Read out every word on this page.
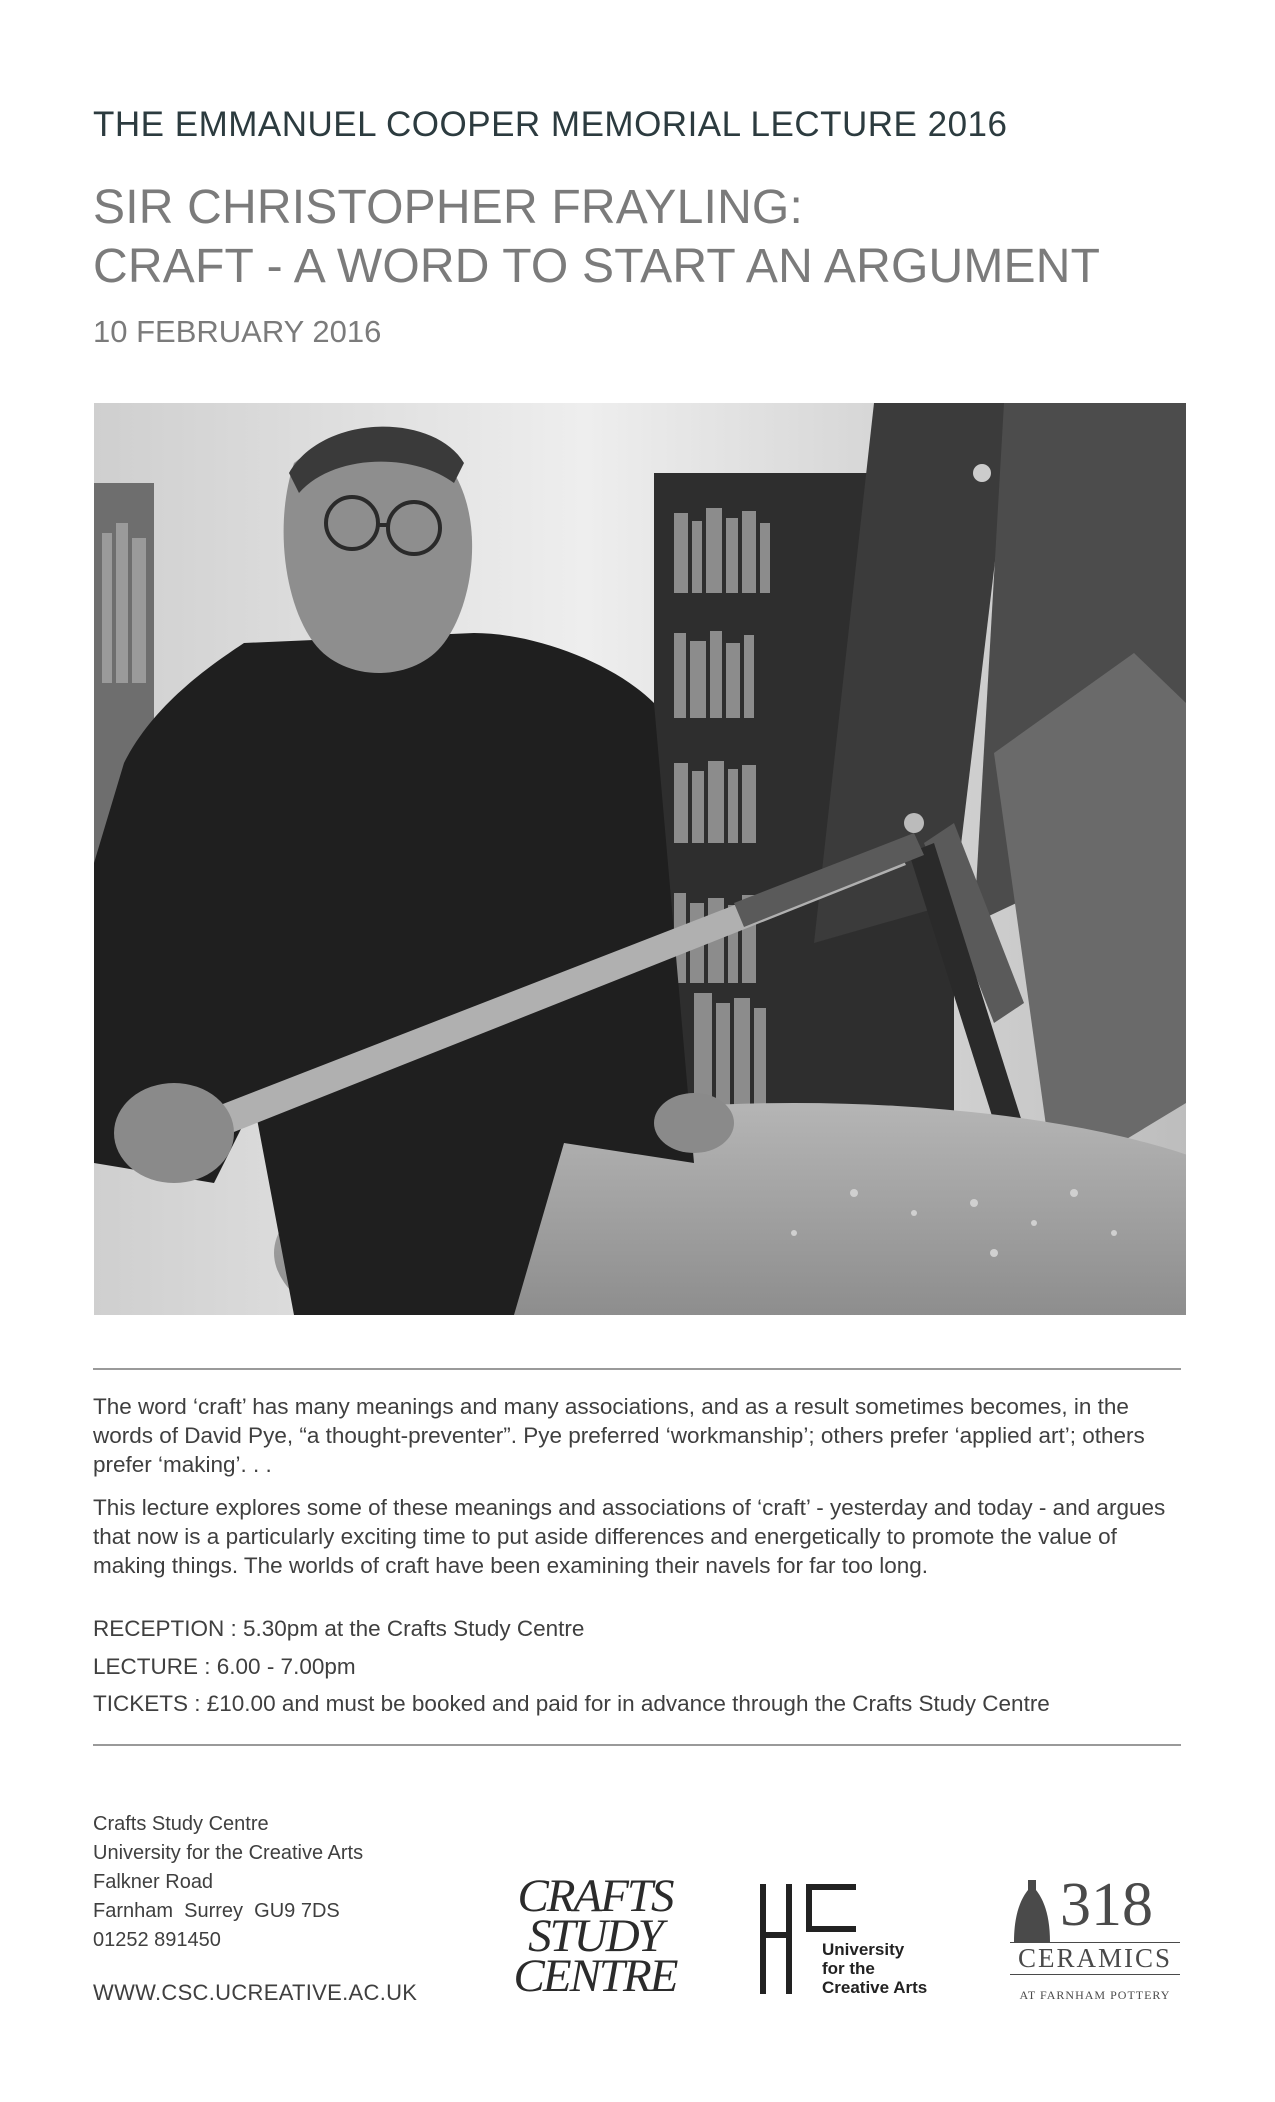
THE EMMANUEL COOPER MEMORIAL LECTURE 2016
SIR CHRISTOPHER FRAYLING:
CRAFT - A WORD TO START AN ARGUMENT
10 FEBRUARY 2016
The word ‘craft’ has many meanings and many associations, and as a result sometimes becomes, in the words of David Pye, “a thought-preventer”. Pye preferred ‘workmanship’; others prefer ‘applied art’; others prefer ‘making’. . .
This lecture explores some of these meanings and associations of ‘craft’ - yesterday and today - and argues that now is a particularly exciting time to put aside differences and energetically to promote the value of making things. The worlds of craft have been examining their navels for far too long.
RECEPTION : 5.30pm at the Crafts Study Centre
LECTURE : 6.00 - 7.00pm
TICKETS : £10.00 and must be booked and paid for in advance through the Crafts Study Centre
Crafts Study Centre
University for the Creative Arts
Falkner Road
Farnham  Surrey  GU9 7DS
01252 891450
WWW.CSC.UCREATIVE.AC.UK
CRAFTS
STUDY
CENTRE
University
for the
Creative Arts
318
CERAMICS
AT FARNHAM POTTERY
